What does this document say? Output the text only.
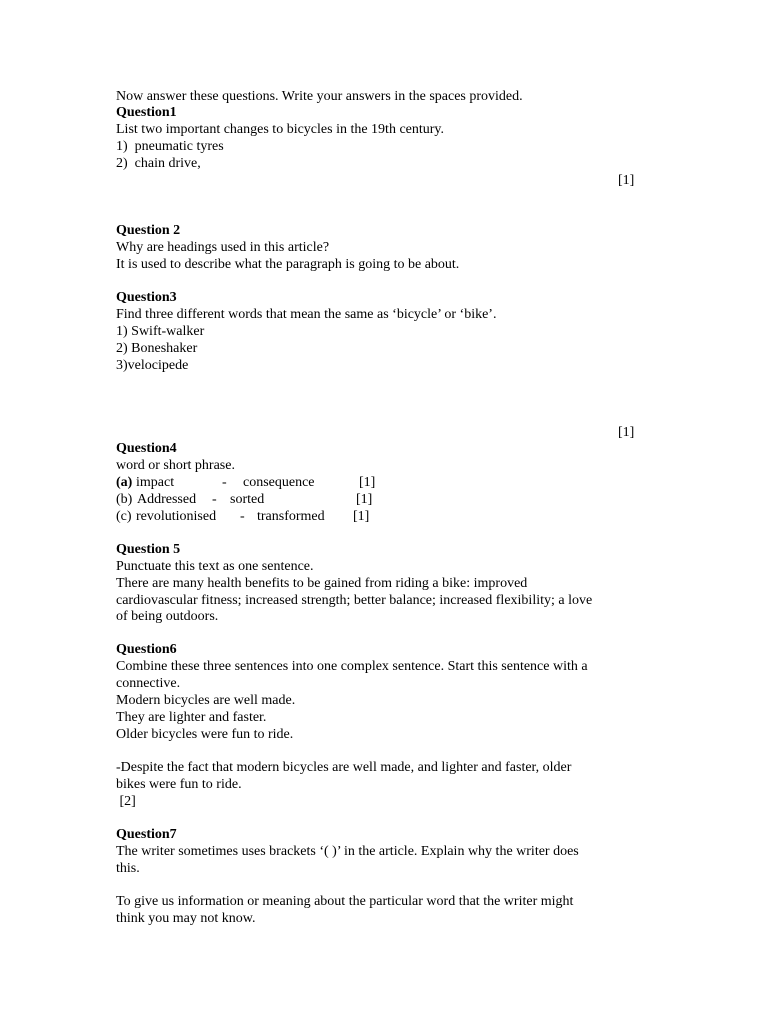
Now answer these questions. Write your answers in the spaces provided.
Question1
List two important changes to bicycles in the 19th century.
1)  pneumatic tyres
2)  chain drive,
[1]
Question 2
Why are headings used in this article?
It is used to describe what the paragraph is going to be about.
Question3
Find three different words that mean the same as ‘bicycle’ or ‘bike’.
1) Swift-walker
2) Boneshaker
3)velocipede
[1]
Question4
word or short phrase.
(a) impact	- consequence	[1]
(b) Addressed - sorted	[1]
(c) revolutionised - transformed [1]
Question 5
Punctuate this text as one sentence.
There are many health benefits to be gained from riding a bike: improved
cardiovascular fitness; increased strength; better balance; increased flexibility; a love
of being outdoors.
Question6
Combine these three sentences into one complex sentence. Start this sentence with a
connective.
Modern bicycles are well made.
They are lighter and faster.
Older bicycles were fun to ride.
-Despite the fact that modern bicycles are well made, and lighter and faster, older
bikes were fun to ride.
[2]
Question7
The writer sometimes uses brackets ‘( )’ in the article. Explain why the writer does
this.
To give us information or meaning about the particular word that the writer might
think you may not know.
